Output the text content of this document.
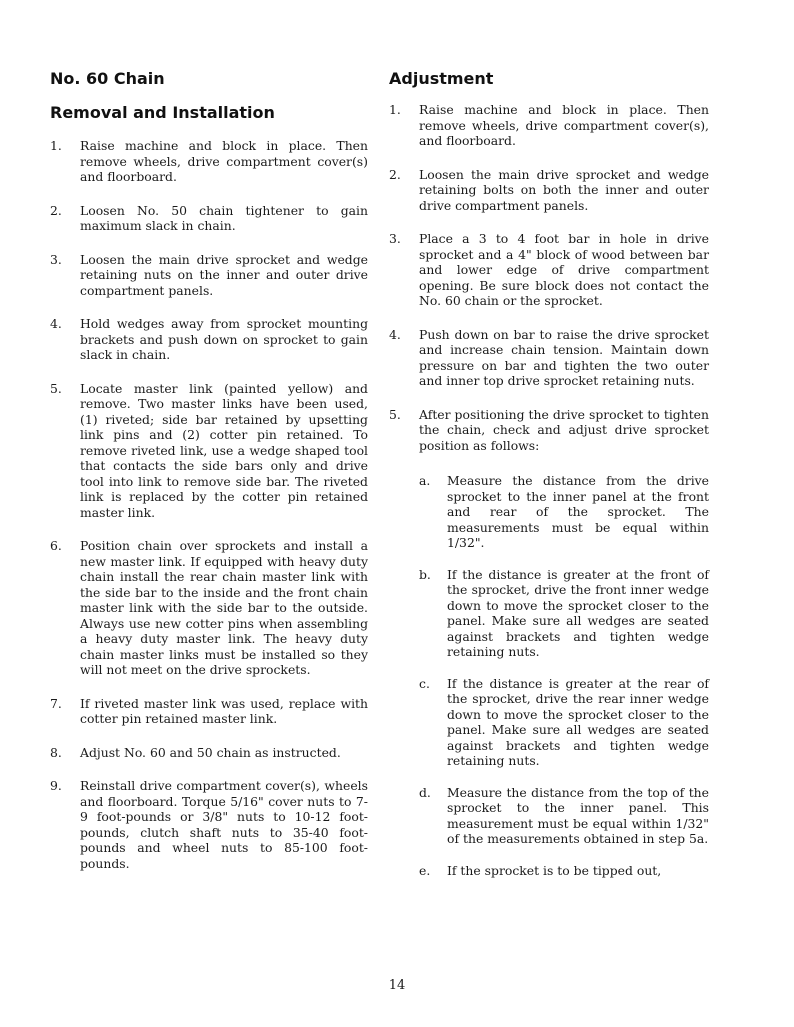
No. 60 Chain
Removal and Installation
1.	Raise machine and block in place. Then remove wheels, drive compartment cover(s) and floorboard.
2.	Loosen No. 50 chain tightener to gain maximum slack in chain.
3.	Loosen the main drive sprocket and wedge retaining nuts on the inner and outer drive compartment panels.
4.	Hold wedges away from sprocket mounting brackets and push down on sprocket to gain slack in chain.
5.	Locate master link (painted yellow) and remove. Two master links have been used, (1) riveted; side bar retained by upsetting link pins and (2) cotter pin retained. To remove riveted link, use a wedge shaped tool that contacts the side bars only and drive tool into link to remove side bar. The riveted link is replaced by the cotter pin retained master link.
6.	Position chain over sprockets and install a new master link. If equipped with heavy duty chain install the rear chain master link with the side bar to the inside and the front chain master link with the side bar to the outside. Always use new cotter pins when assembling a heavy duty master link. The heavy duty chain master links must be installed so they will not meet on the drive sprockets.
7.	If riveted master link was used, replace with cotter pin retained master link.
8.	Adjust No. 60 and 50 chain as instructed.
9.	Reinstall drive compartment cover(s), wheels and floorboard. Torque 5/16" cover nuts to 7-9 foot-pounds or 3/8" nuts to 10-12 foot-pounds, clutch shaft nuts to 35-40 foot-pounds and wheel nuts to 85-100 foot-pounds.
Adjustment
1.	Raise machine and block in place. Then remove wheels, drive compartment cover(s), and floorboard.
2.	Loosen the main drive sprocket and wedge retaining bolts on both the inner and outer drive compartment panels.
3.	Place a 3 to 4 foot bar in hole in drive sprocket and a 4" block of wood between bar and lower edge of drive compartment opening. Be sure block does not contact the No. 60 chain or the sprocket.
4.	Push down on bar to raise the drive sprocket and increase chain tension. Maintain down pressure on bar and tighten the two outer and inner top drive sprocket retaining nuts.
5.	After positioning the drive sprocket to tighten the chain, check and adjust drive sprocket position as follows:
a.	Measure the distance from the drive sprocket to the inner panel at the front and rear of the sprocket. The measurements must be equal within 1/32".
b.	If the distance is greater at the front of the sprocket, drive the front inner wedge down to move the sprocket closer to the panel. Make sure all wedges are seated against brackets and tighten wedge retaining nuts.
c.	If the distance is greater at the rear of the sprocket, drive the rear inner wedge down to move the sprocket closer to the panel. Make sure all wedges are seated against brackets and tighten wedge retaining nuts.
d.	Measure the distance from the top of the sprocket to the inner panel. This measurement must be equal within 1/32" of the measurements obtained in step 5a.
e.	If the sprocket is to be tipped out,
14
